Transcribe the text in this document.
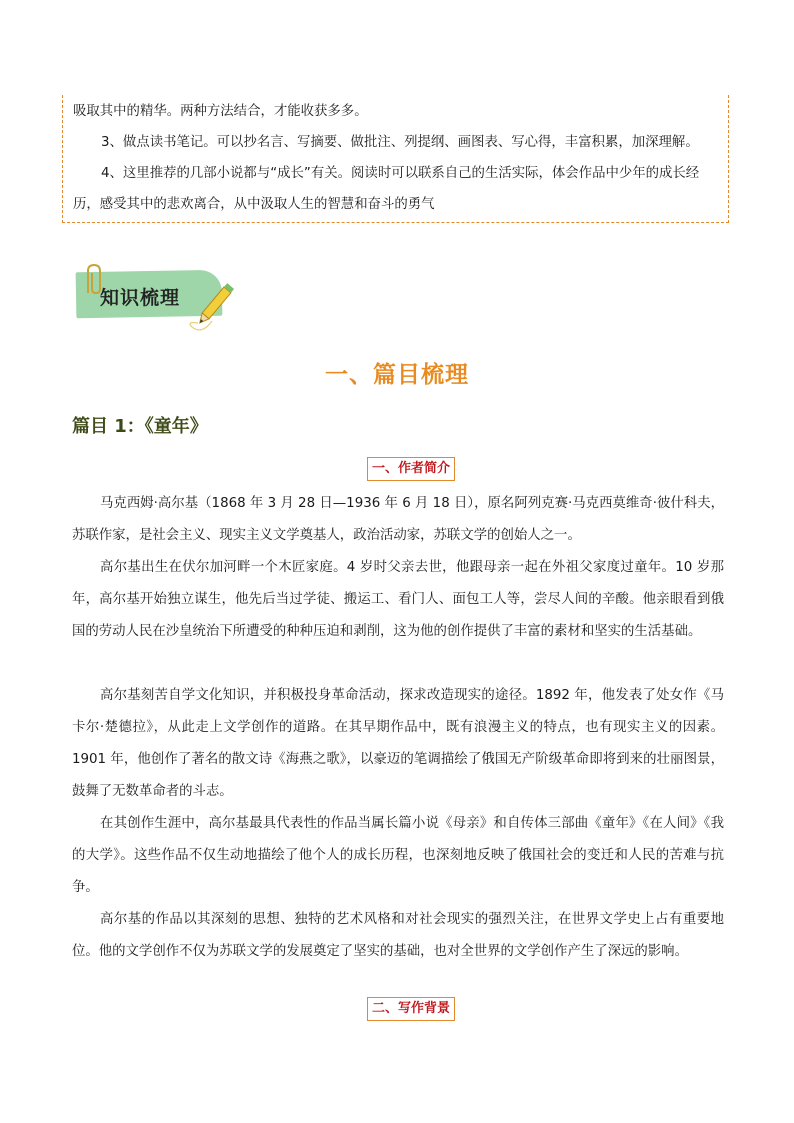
吸取其中的精华。两种方法结合，才能收获多多。

3、做点读书笔记。可以抄名言、写摘要、做批注、列提纲、画图表、写心得，丰富积累，加深理解。

4、这里推荐的几部小说都与“成长”有关。阅读时可以联系自己的生活实际，体会作品中少年的成长经历，感受其中的悲欢离合，从中汲取人生的智慧和奋斗的勇气

知识梳理
一、篇目梳理
篇目 1：《童年》
一、作者简介

马克西姆·高尔基（1868 年 3 月 28 日—1936 年 6 月 18 日），原名阿列克赛·马克西莫维奇·彼什科夫，苏联作家，是社会主义、现实主义文学奠基人，政治活动家，苏联文学的创始人之一。

高尔基出生在伏尔加河畔一个木匠家庭。4 岁时父亲去世，他跟母亲一起在外祖父家度过童年。10 岁那年，高尔基开始独立谋生，他先后当过学徒、搬运工、看门人、面包工人等，尝尽人间的辛酸。他亲眼看到俄国的劳动人民在沙皇统治下所遭受的种种压迫和剥削，这为他的创作提供了丰富的素材和坚实的生活基础。

高尔基刻苦自学文化知识，并积极投身革命活动，探求改造现实的途径。1892 年，他发表了处女作《马卡尔·楚德拉》，从此走上文学创作的道路。在其早期作品中，既有浪漫主义的特点，也有现实主义的因素。1901 年，他创作了著名的散文诗《海燕之歌》，以豪迈的笔调描绘了俄国无产阶级革命即将到来的壮丽图景，鼓舞了无数革命者的斗志。

在其创作生涯中，高尔基最具代表性的作品当属长篇小说《母亲》和自传体三部曲《童年》《在人间》《我的大学》。这些作品不仅生动地描绘了他个人的成长历程，也深刻地反映了俄国社会的变迁和人民的苦难与抗争。

高尔基的作品以其深刻的思想、独特的艺术风格和对社会现实的强烈关注，在世界文学史上占有重要地位。他的文学创作不仅为苏联文学的发展奠定了坚实的基础，也对全世界的文学创作产生了深远的影响。

二、写作背景
